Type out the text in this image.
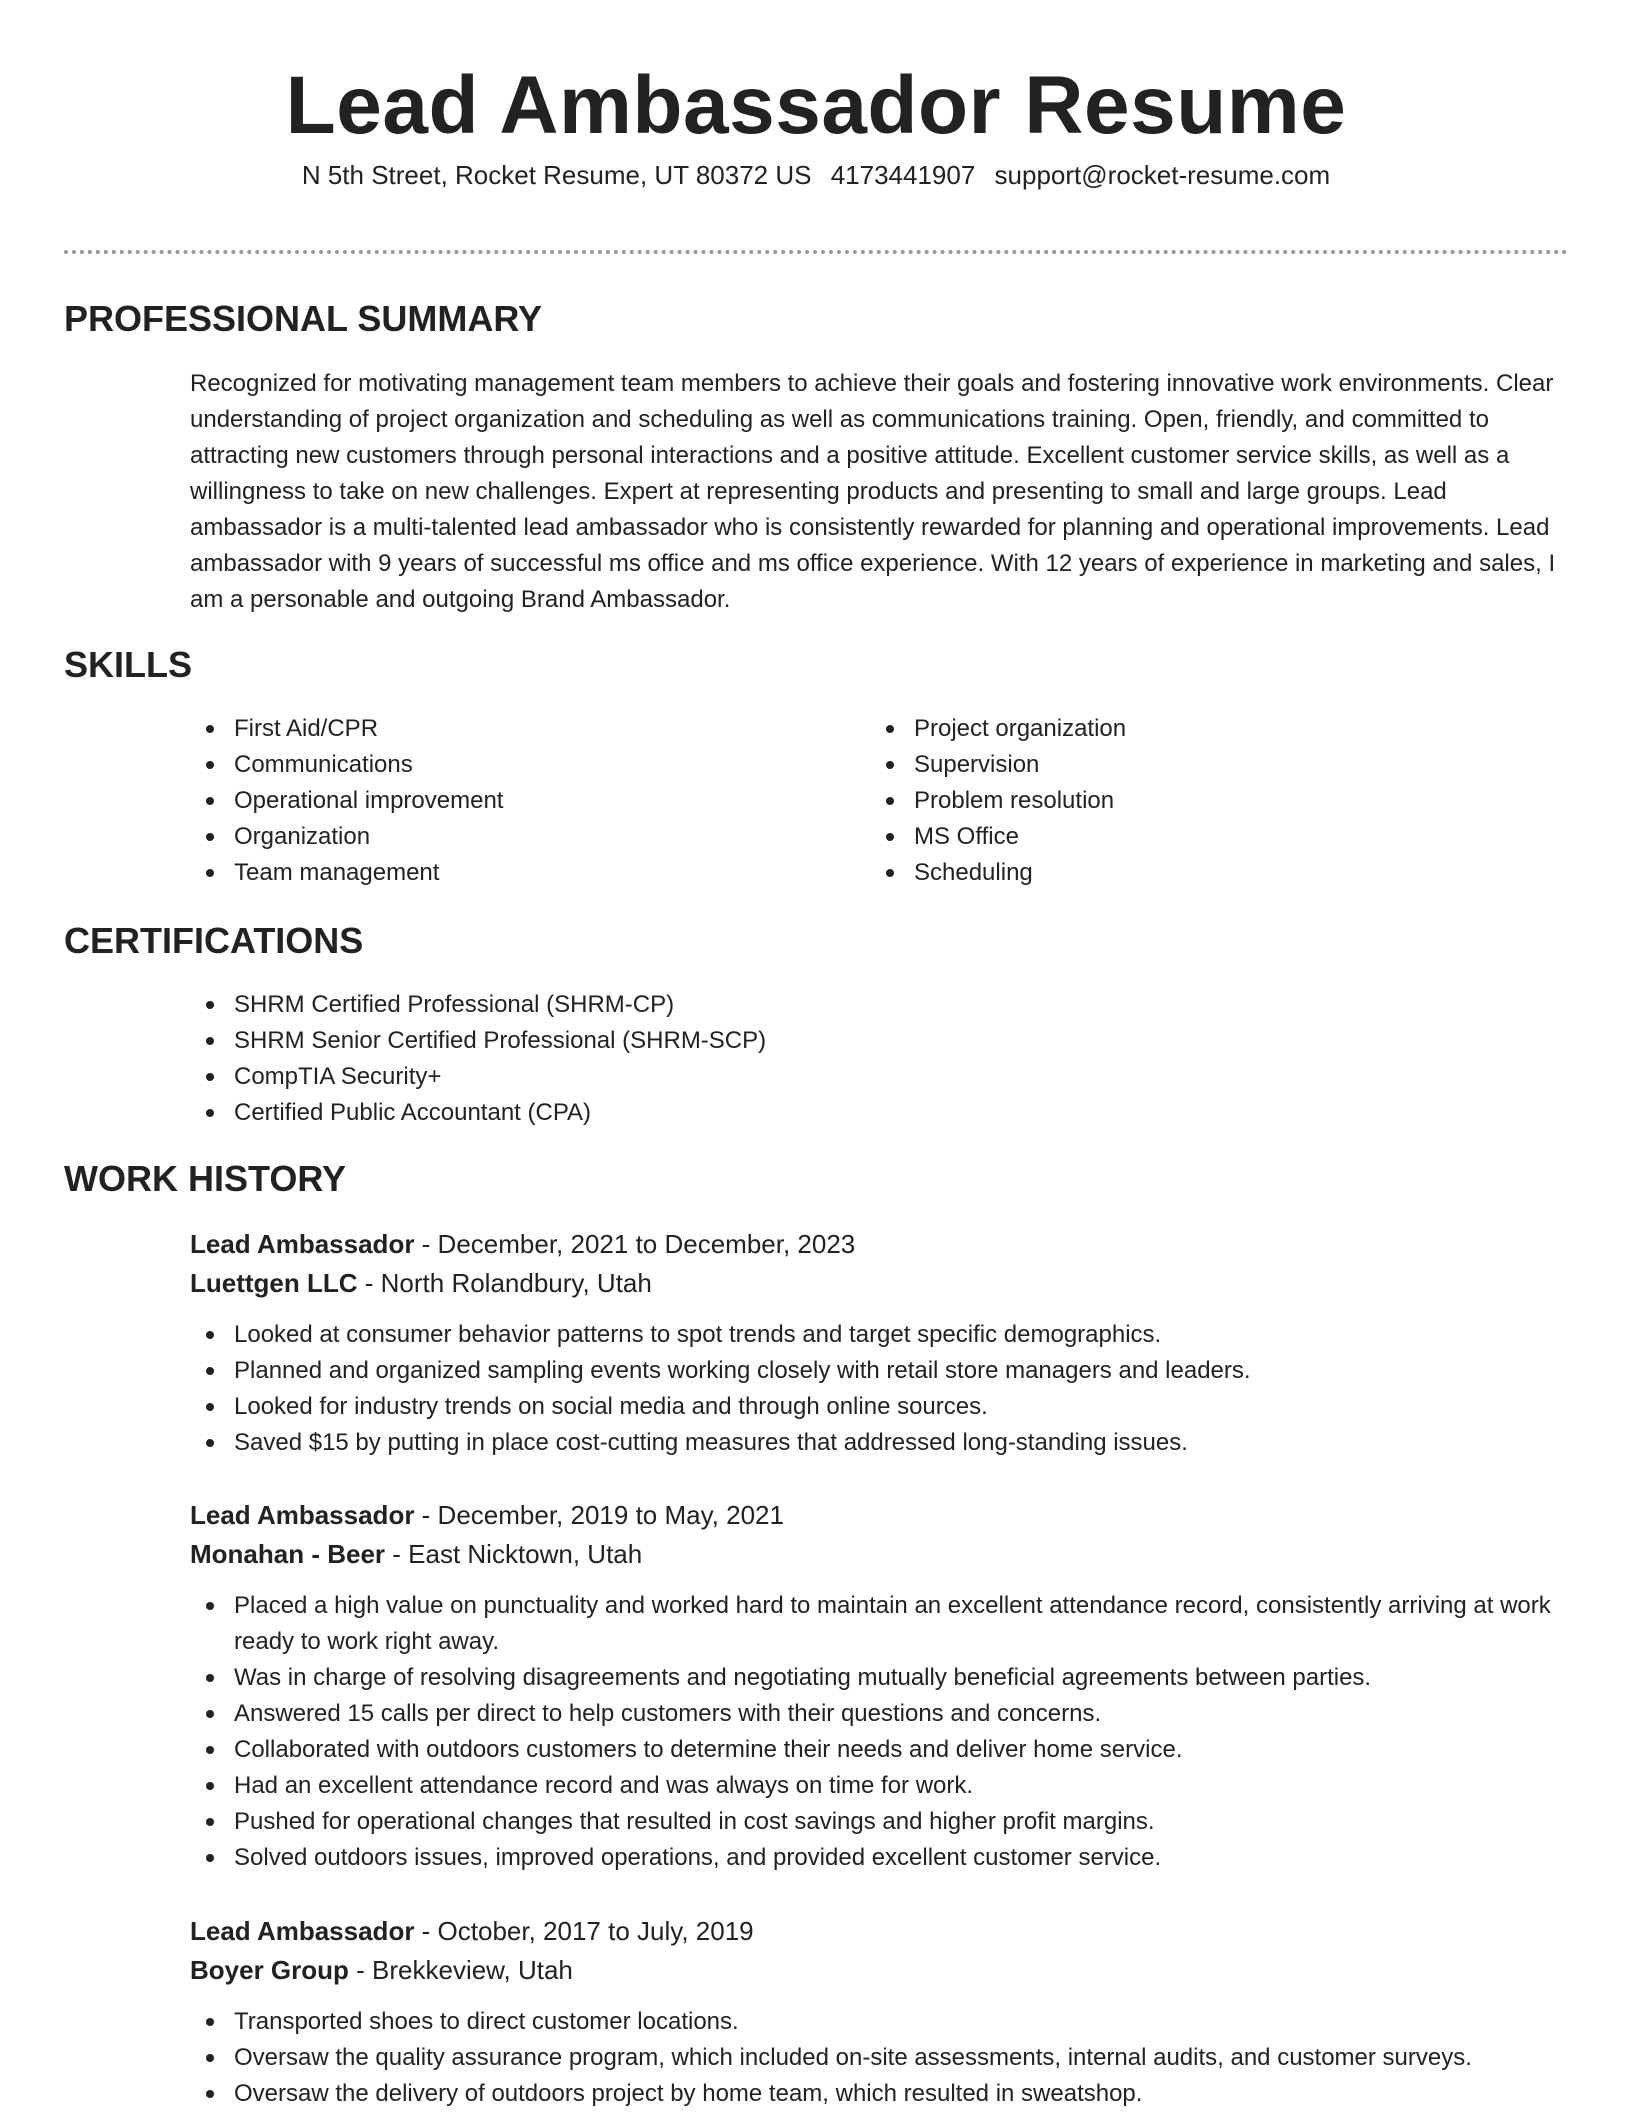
Lead Ambassador Resume
N 5th Street, Rocket Resume, UT 80372 US 4173441907 support@rocket-resume.com
PROFESSIONAL SUMMARY

Recognized for motivating management team members to achieve their goals and fostering innovative work environments. Clear understanding of project organization and scheduling as well as communications training. Open, friendly, and committed to attracting new customers through personal interactions and a positive attitude. Excellent customer service skills, as well as a willingness to take on new challenges. Expert at representing products and presenting to small and large groups. Lead ambassador is a multi-talented lead ambassador who is consistently rewarded for planning and operational improvements. Lead ambassador with 9 years of successful ms office and ms office experience. With 12 years of experience in marketing and sales, I am a personable and outgoing Brand Ambassador.

SKILLS
First Aid/CPR
Communications
Operational improvement
Organization
Team management
Project organization
Supervision
Problem resolution
MS Office
Scheduling
CERTIFICATIONS
SHRM Certified Professional (SHRM-CP)
SHRM Senior Certified Professional (SHRM-SCP)
CompTIA Security+
Certified Public Accountant (CPA)
WORK HISTORY
Lead Ambassador - December, 2021 to December, 2023
Luettgen LLC - North Rolandbury, Utah
Looked at consumer behavior patterns to spot trends and target specific demographics.
Planned and organized sampling events working closely with retail store managers and leaders.
Looked for industry trends on social media and through online sources.
Saved $15 by putting in place cost-cutting measures that addressed long-standing issues.
Lead Ambassador - December, 2019 to May, 2021
Monahan - Beer - East Nicktown, Utah
Placed a high value on punctuality and worked hard to maintain an excellent attendance record, consistently arriving at work ready to work right away.
Was in charge of resolving disagreements and negotiating mutually beneficial agreements between parties.
Answered 15 calls per direct to help customers with their questions and concerns.
Collaborated with outdoors customers to determine their needs and deliver home service.
Had an excellent attendance record and was always on time for work.
Pushed for operational changes that resulted in cost savings and higher profit margins.
Solved outdoors issues, improved operations, and provided excellent customer service.
Lead Ambassador - October, 2017 to July, 2019
Boyer Group - Brekkeview, Utah
Transported shoes to direct customer locations.
Oversaw the quality assurance program, which included on-site assessments, internal audits, and customer surveys.
Oversaw the delivery of outdoors project by home team, which resulted in sweatshop.
